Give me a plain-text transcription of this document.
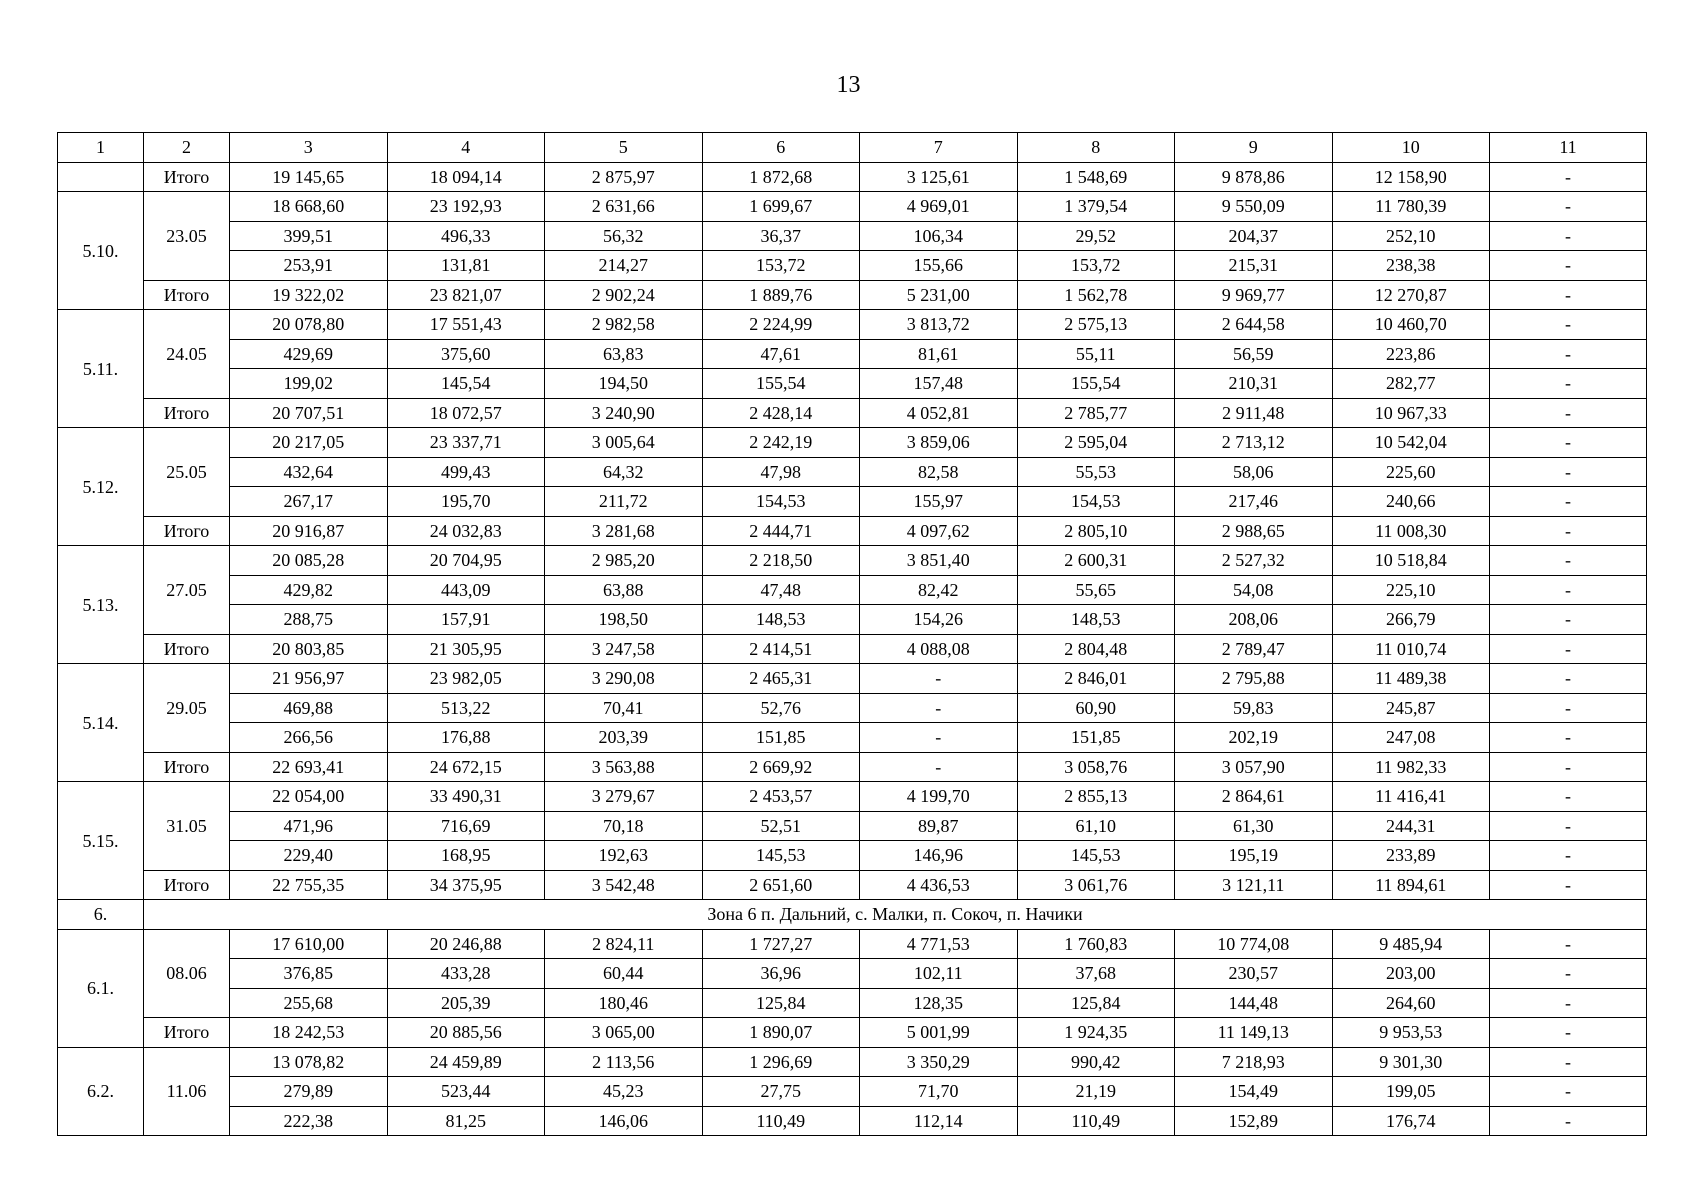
13
1	2	3	4	5	6	7	8	9	10	11
	Итого	19 145,65	18 094,14	2 875,97	1 872,68	3 125,61	1 548,69	9 878,86	12 158,90	-
5.10.	23.05	18 668,60	23 192,93	2 631,66	1 699,67	4 969,01	1 379,54	9 550,09	11 780,39	-
		399,51	496,33	56,32	36,37	106,34	29,52	204,37	252,10	-
		253,91	131,81	214,27	153,72	155,66	153,72	215,31	238,38	-
	Итого	19 322,02	23 821,07	2 902,24	1 889,76	5 231,00	1 562,78	9 969,77	12 270,87	-
5.11.	24.05	20 078,80	17 551,43	2 982,58	2 224,99	3 813,72	2 575,13	2 644,58	10 460,70	-
		429,69	375,60	63,83	47,61	81,61	55,11	56,59	223,86	-
		199,02	145,54	194,50	155,54	157,48	155,54	210,31	282,77	-
	Итого	20 707,51	18 072,57	3 240,90	2 428,14	4 052,81	2 785,77	2 911,48	10 967,33	-
5.12.	25.05	20 217,05	23 337,71	3 005,64	2 242,19	3 859,06	2 595,04	2 713,12	10 542,04	-
		432,64	499,43	64,32	47,98	82,58	55,53	58,06	225,60	-
		267,17	195,70	211,72	154,53	155,97	154,53	217,46	240,66	-
	Итого	20 916,87	24 032,83	3 281,68	2 444,71	4 097,62	2 805,10	2 988,65	11 008,30	-
5.13.	27.05	20 085,28	20 704,95	2 985,20	2 218,50	3 851,40	2 600,31	2 527,32	10 518,84	-
		429,82	443,09	63,88	47,48	82,42	55,65	54,08	225,10	-
		288,75	157,91	198,50	148,53	154,26	148,53	208,06	266,79	-
	Итого	20 803,85	21 305,95	3 247,58	2 414,51	4 088,08	2 804,48	2 789,47	11 010,74	-
5.14.	29.05	21 956,97	23 982,05	3 290,08	2 465,31	-	2 846,01	2 795,88	11 489,38	-
		469,88	513,22	70,41	52,76	-	60,90	59,83	245,87	-
		266,56	176,88	203,39	151,85	-	151,85	202,19	247,08	-
	Итого	22 693,41	24 672,15	3 563,88	2 669,92	-	3 058,76	3 057,90	11 982,33	-
5.15.	31.05	22 054,00	33 490,31	3 279,67	2 453,57	4 199,70	2 855,13	2 864,61	11 416,41	-
		471,96	716,69	70,18	52,51	89,87	61,10	61,30	244,31	-
		229,40	168,95	192,63	145,53	146,96	145,53	195,19	233,89	-
	Итого	22 755,35	34 375,95	3 542,48	2 651,60	4 436,53	3 061,76	3 121,11	11 894,61	-
6.	Зона 6 п. Дальний, с. Малки, п. Сокоч, п. Начики									
6.1.	08.06	17 610,00	20 246,88	2 824,11	1 727,27	4 771,53	1 760,83	10 774,08	9 485,94	-
		376,85	433,28	60,44	36,96	102,11	37,68	230,57	203,00	-
		255,68	205,39	180,46	125,84	128,35	125,84	144,48	264,60	-
	Итого	18 242,53	20 885,56	3 065,00	1 890,07	5 001,99	1 924,35	11 149,13	9 953,53	-
6.2.	11.06	13 078,82	24 459,89	2 113,56	1 296,69	3 350,29	990,42	7 218,93	9 301,30	-
		279,89	523,44	45,23	27,75	71,70	21,19	154,49	199,05	-
		222,38	81,25	146,06	110,49	112,14	110,49	152,89	176,74	-
